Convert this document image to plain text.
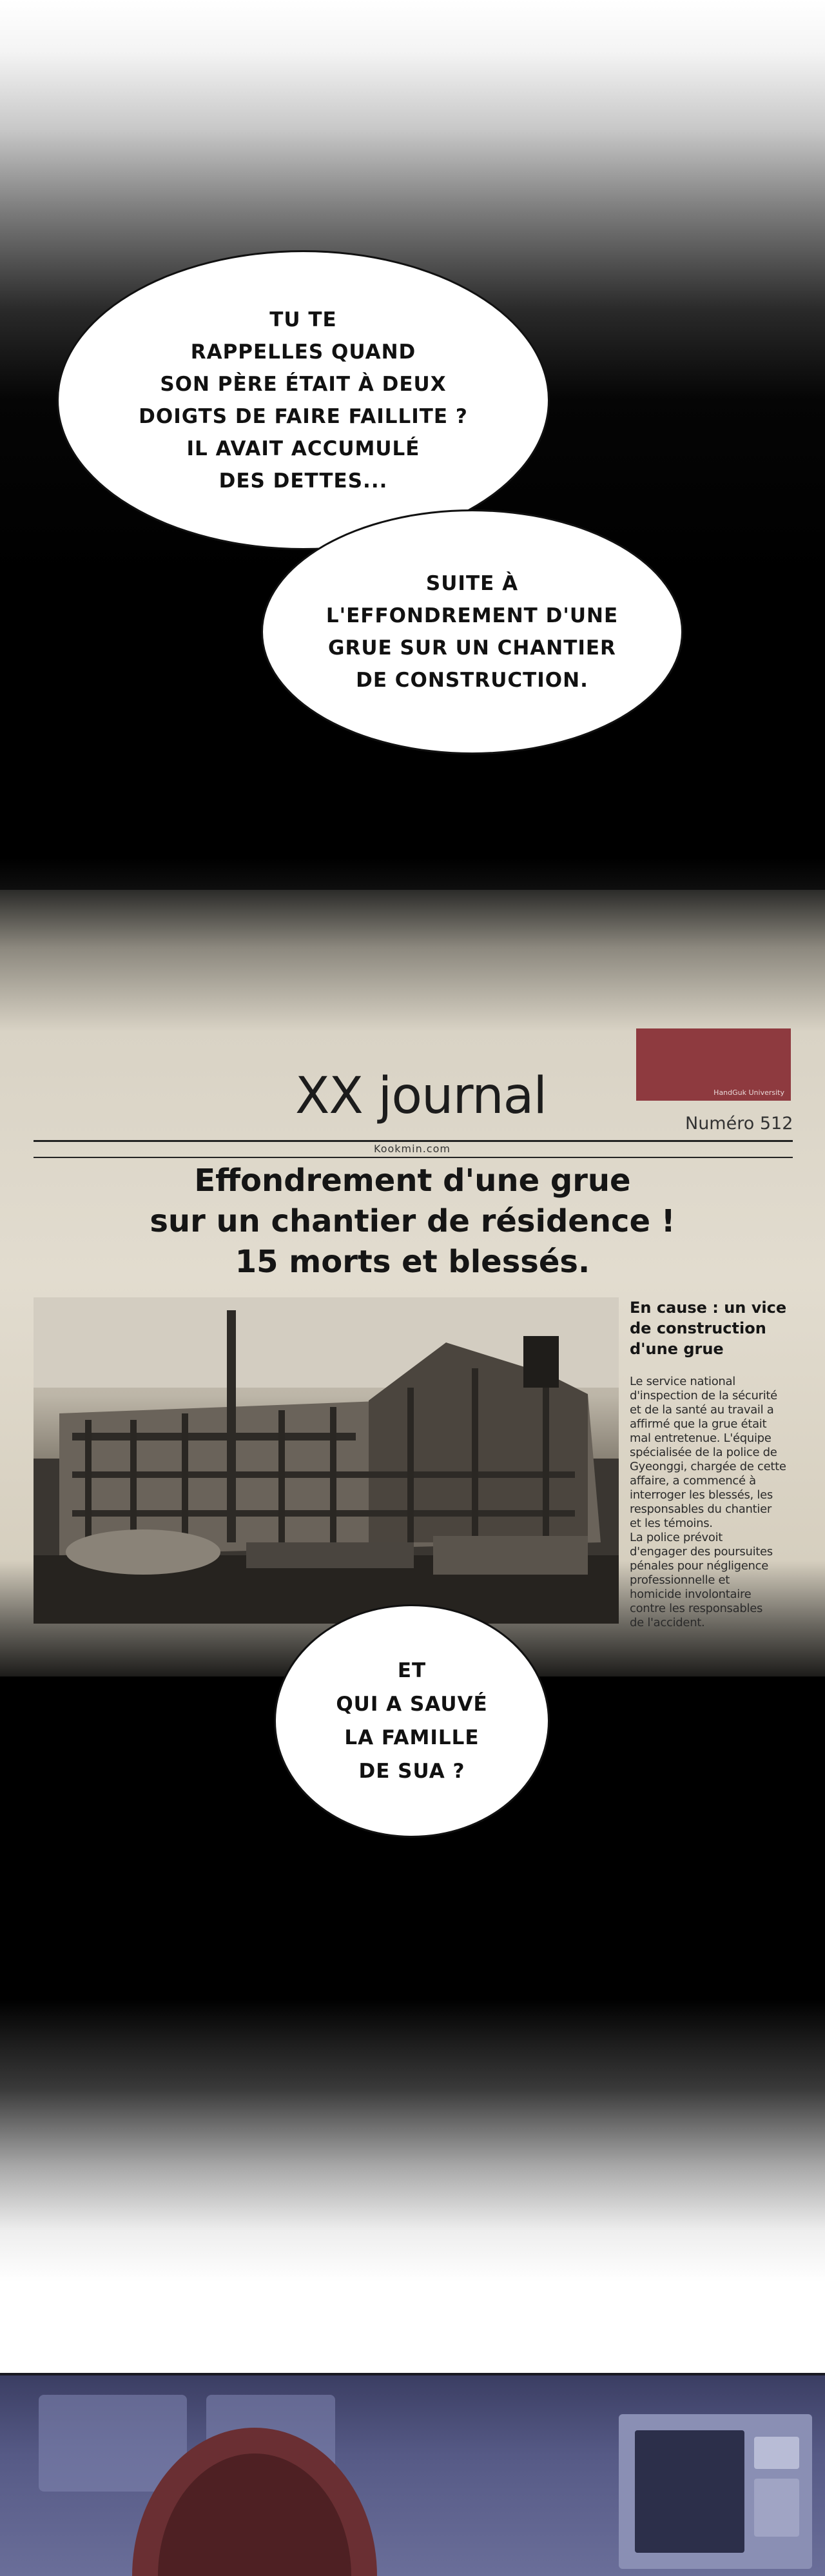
TU TE
RAPPELLES QUAND
SON PÈRE ÉTAIT À DEUX
DOIGTS DE FAIRE FAILLITE ?
IL AVAIT ACCUMULÉ
DES DETTES...

SUITE À
L'EFFONDREMENT D'UNE
GRUE SUR UN CHANTIER
DE CONSTRUCTION.

HandGuk University
XX journal	Numéro 512
Kookmin.com
Effondrement d'une grue
sur un chantier de résidence !
15 morts et blessés.
En cause : un vice
de construction
d'une grue
Le service national
d'inspection de la sécurité
et de la santé au travail a
affirmé que la grue était
mal entretenue. L'équipe
spécialisée de la police de
Gyeonggi, chargée de cette
affaire, a commencé à
interroger les blessés, les
responsables du chantier
et les témoins.
La police prévoit
d'engager des poursuites
pénales pour négligence
professionnelle et
homicide involontaire
contre les responsables
de l'accident.

ET
QUI A SAUVÉ
LA FAMILLE
DE SUA ?
